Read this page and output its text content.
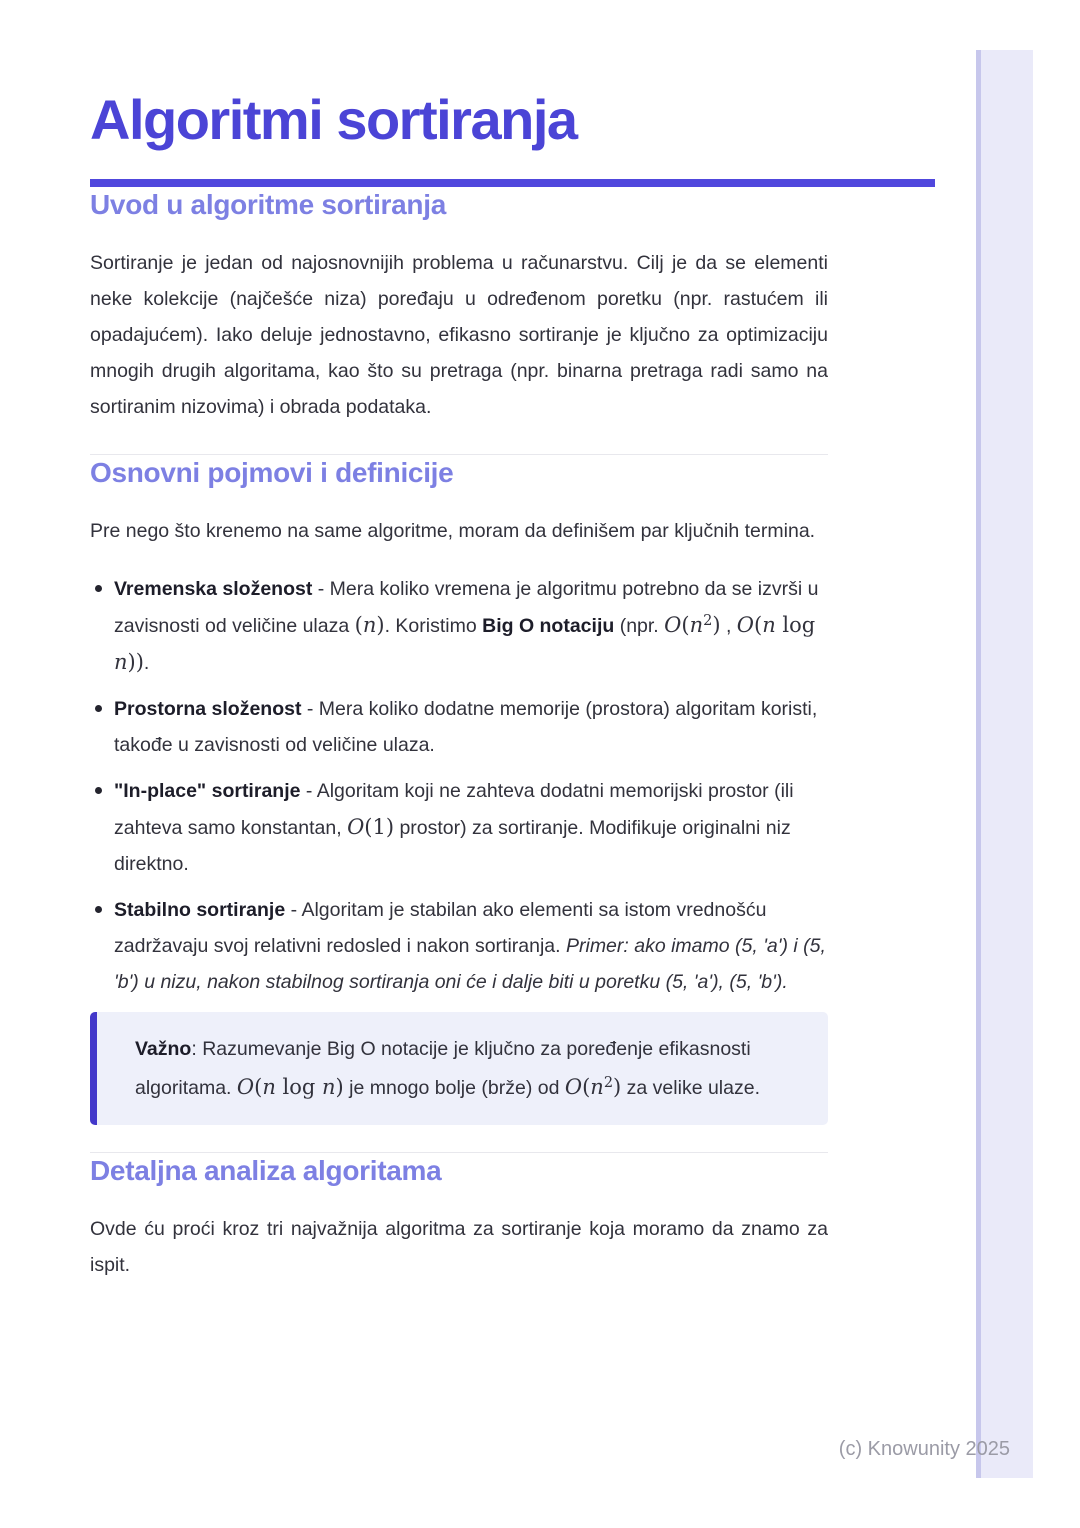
Algoritmi sortiranja
Uvod u algoritme sortiranja

Sortiranje je jedan od najosnovnijih problema u računarstvu. Cilj je da se elementi neke kolekcije (najčešće niza) poređaju u određenom poretku (npr. rastućem ili opadajućem). Iako deluje jednostavno, efikasno sortiranje je ključno za optimizaciju mnogih drugih algoritama, kao što su pretraga (npr. binarna pretraga radi samo na sortiranim nizovima) i obrada podataka.

Osnovni pojmovi i definicije

Pre nego što krenemo na same algoritme, moram da definišem par ključnih termina.

Vremenska složenost - Mera koliko vremena je algoritmu potrebno da se izvrši u zavisnosti od veličine ulaza (n). Koristimo Big O notaciju (npr. $O(n^2)$ , O(n log n)).
Prostorna složenost - Mera koliko dodatne memorije (prostora) algoritam koristi, takođe u zavisnosti od veličine ulaza.
"In-place" sortiranje - Algoritam koji ne zahteva dodatni memorijski prostor (ili zahteva samo konstantan, O(1) prostor) za sortiranje. Modifikuje originalni niz direktno.
Stabilno sortiranje - Algoritam je stabilan ako elementi sa istom vrednošću zadržavaju svoj relativni redosled i nakon sortiranja. Primer: ako imamo (5, 'a') i (5, 'b') u nizu, nakon stabilnog sortiranja oni će i dalje biti u poretku (5, 'a'), (5, 'b').
Važno: Razumevanje Big O notacije je ključno za poređenje efikasnosti algoritama. O(n log n) je mnogo bolje (brže) od $O(n^2)$ za velike ulaze.
Detaljna analiza algoritama

Ovde ću proći kroz tri najvažnija algoritma za sortiranje koja moramo da znamo za ispit.

(c) Knowunity 2025
